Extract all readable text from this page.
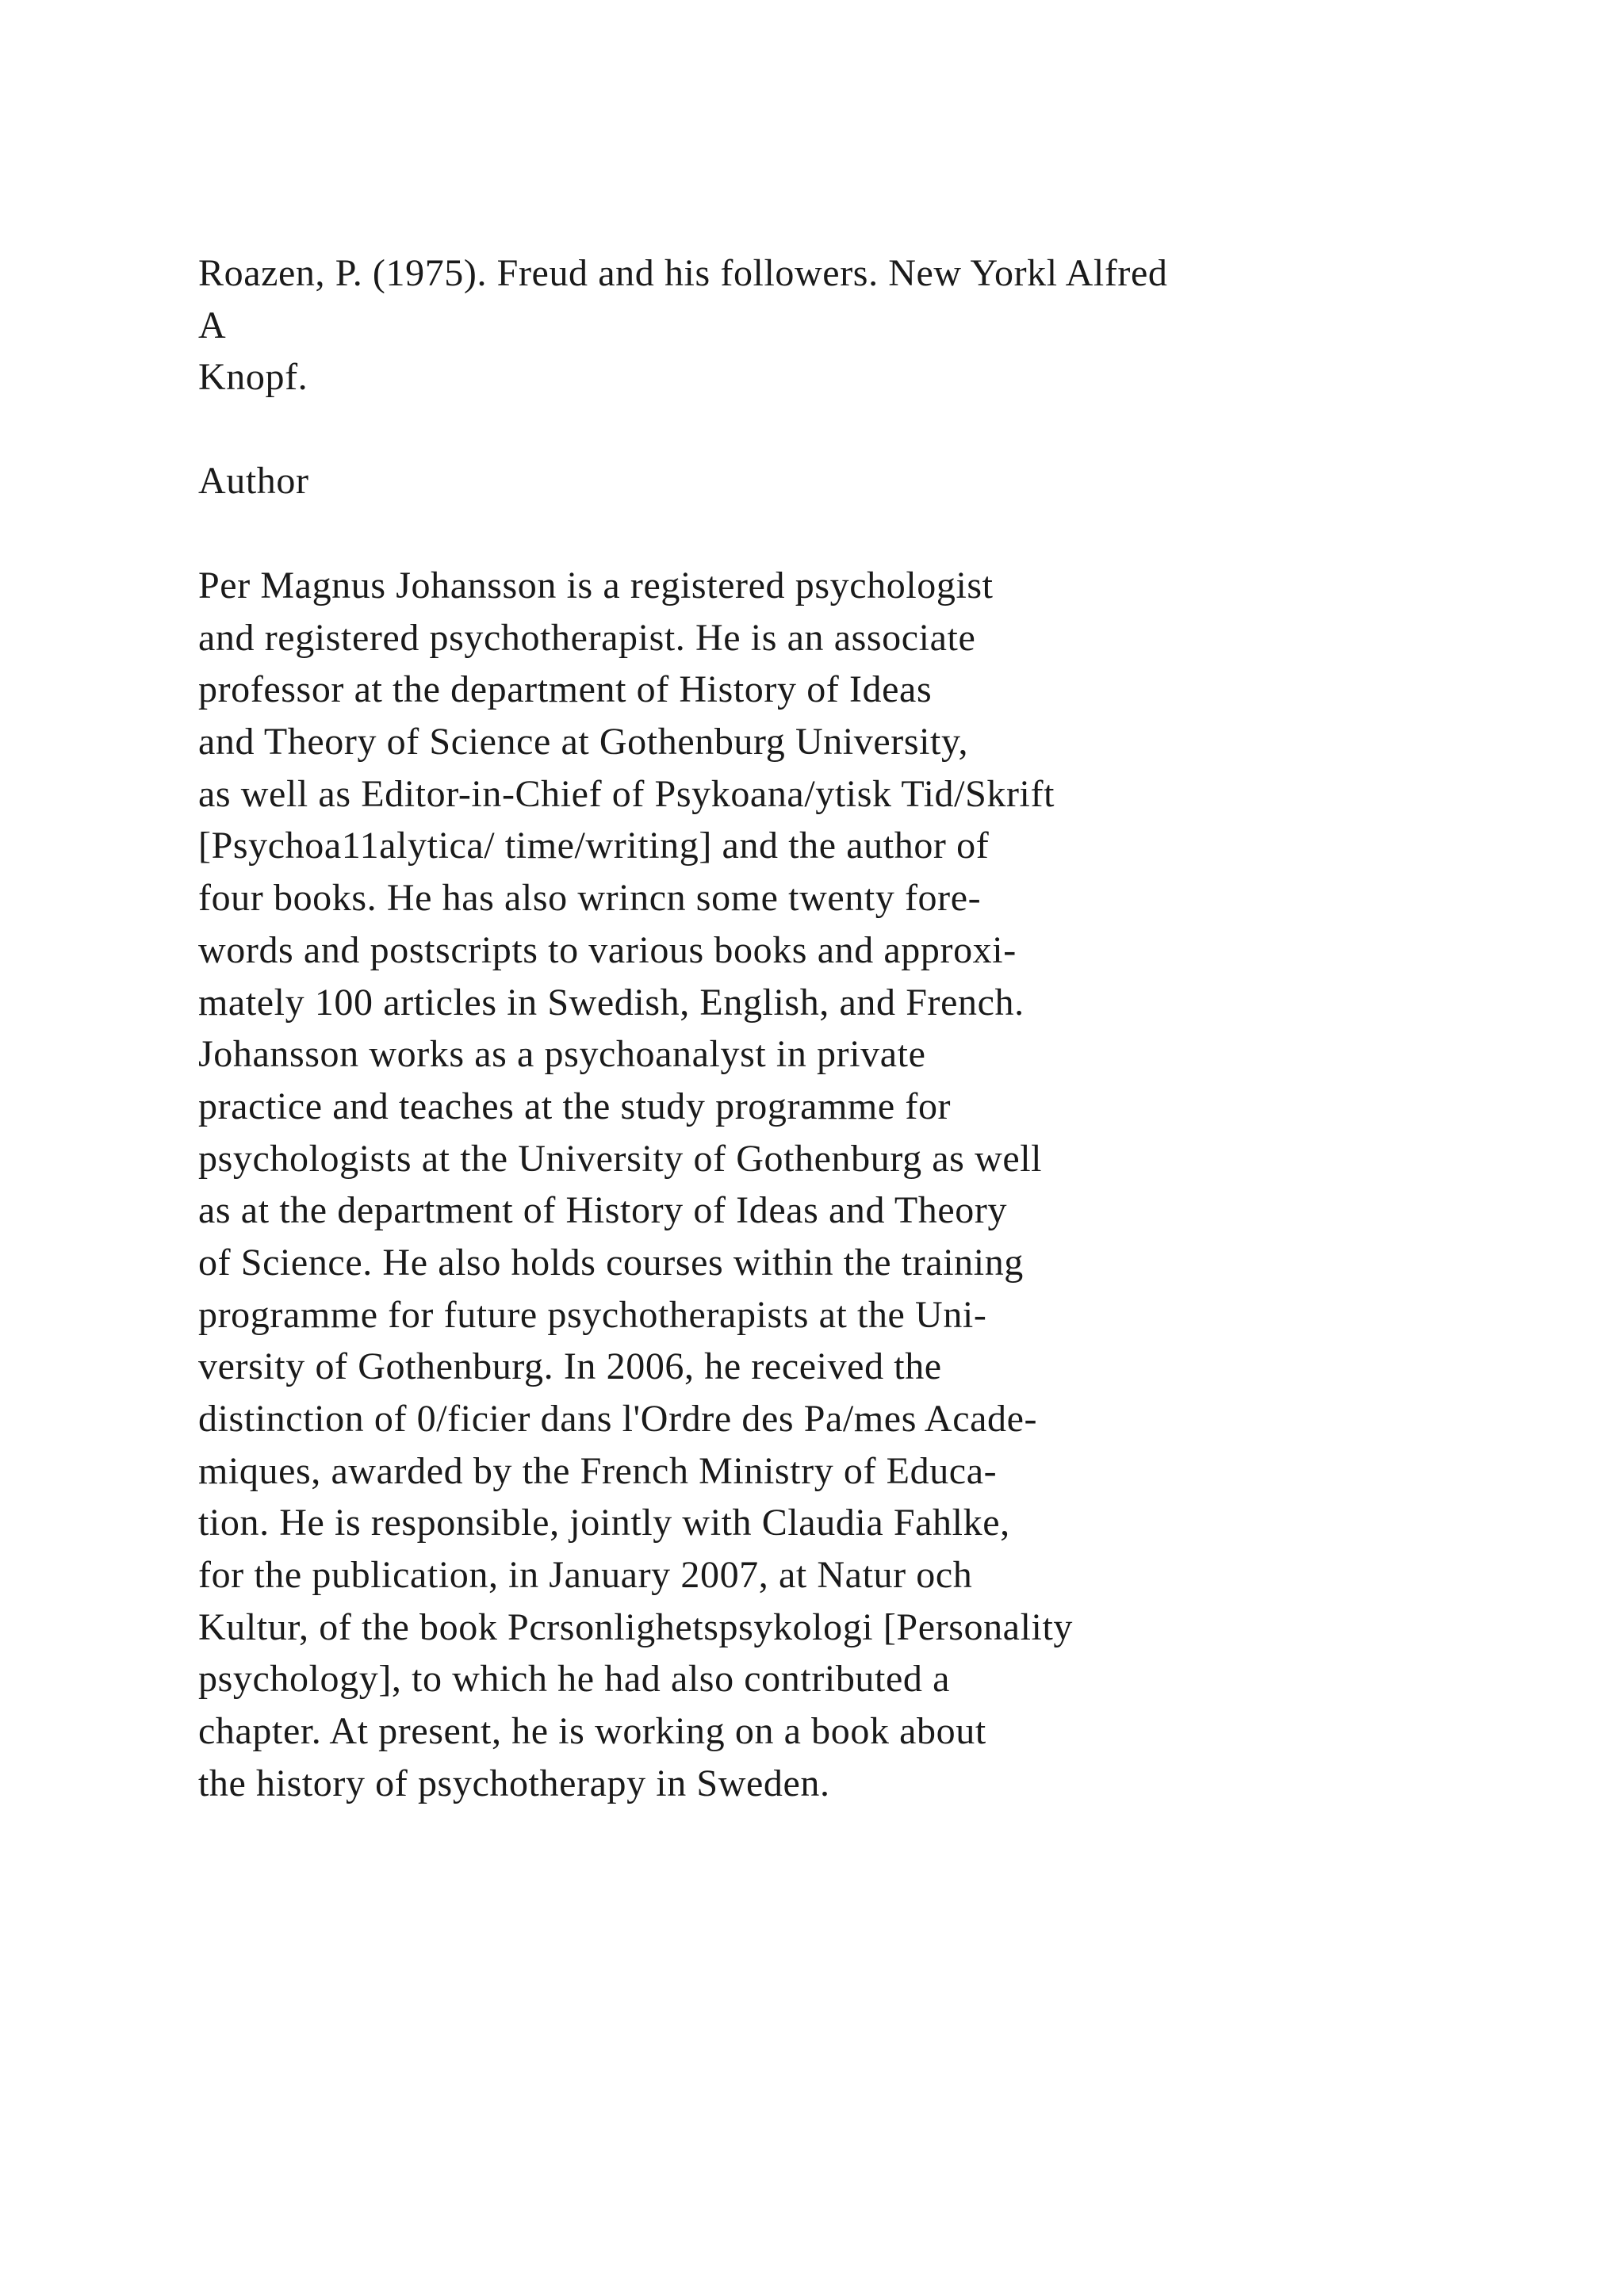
Roazen, P. (1975). Freud and his followers. New Yorkl Alfred
A
Knopf.
Author
Per Magnus Johansson is a registered psychologist
and registered psychotherapist. He is an associate
professor at the department of History of Ideas
and Theory of Science at Gothenburg University,
as well as Editor-in-Chief of Psykoana/ytisk Tid/Skrift
[Psychoa11alytica/ time/writing] and the author of
four books. He has also wrincn some twenty fore-
words and postscripts to various books and approxi-
mately 100 articles in Swedish, English, and French.
Johansson works as a psychoanalyst in private
practice and teaches at the study programme for
psychologists at the University of Gothenburg as well
as at the department of History of Ideas and Theory
of Science. He also holds courses within the training
programme for future psychotherapists at the Uni-
versity of Gothenburg. In 2006, he received the
distinction of 0/ficier dans l'Ordre des Pa/mes Acade-
miques, awarded by the French Ministry of Educa-
tion. He is responsible, jointly with Claudia Fahlke,
for the publication, in January 2007, at Natur och
Kultur, of the book Pcrsonlighetspsykologi [Personality
psychology], to which he had also contributed a
chapter. At present, he is working on a book about
the history of psychotherapy in Sweden.
